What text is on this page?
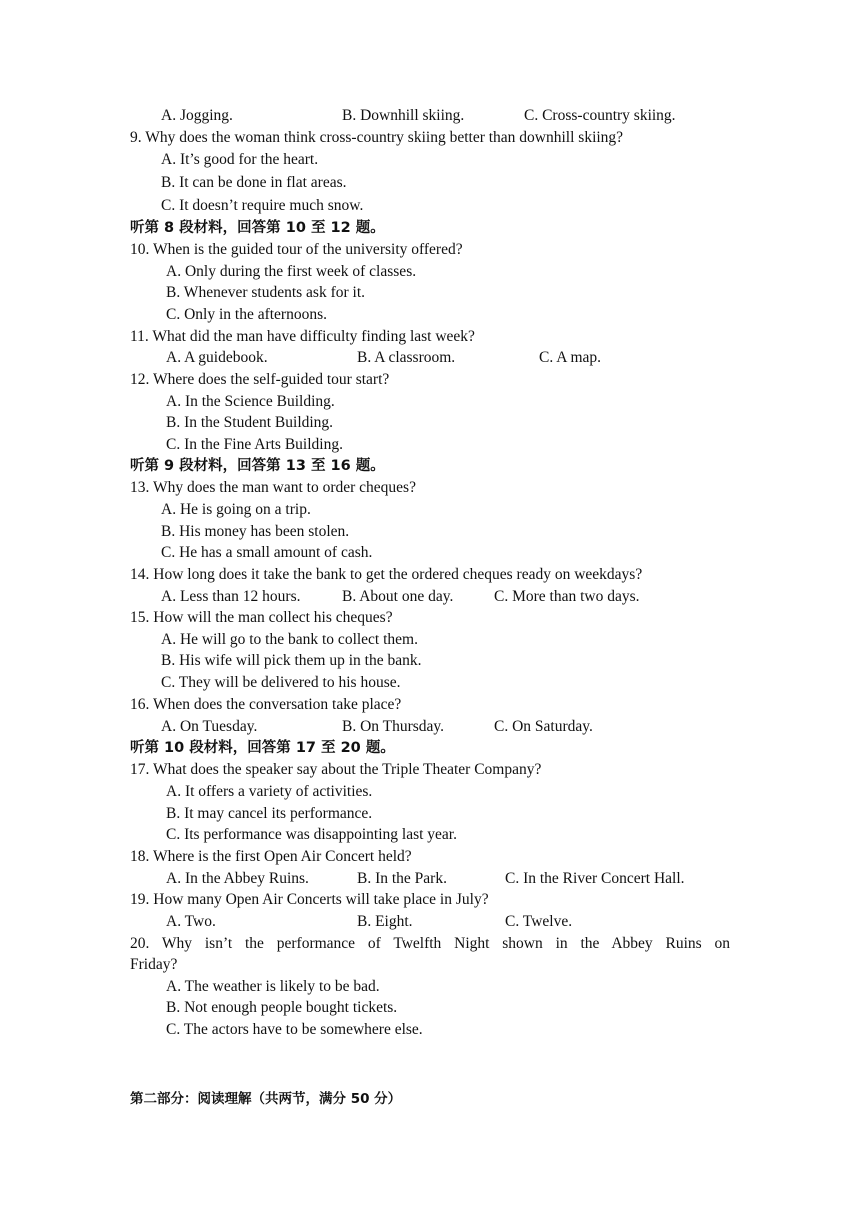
A. Jogging.	B. Downhill skiing.	C. Cross-country skiing.
9. Why does the woman think cross-country skiing better than downhill skiing?
A. It’s good for the heart.
B. It can be done in flat areas.
C. It doesn’t require much snow.
听第 8 段材料，回答第 10 至 12 题。
10. When is the guided tour of the university offered?
A. Only during the first week of classes.
B. Whenever students ask for it.
C. Only in the afternoons.
11. What did the man have difficulty finding last week?
A. A guidebook.	B. A classroom.	C. A map.
12. Where does the self-guided tour start?
A. In the Science Building.
B. In the Student Building.
C. In the Fine Arts Building.
听第 9 段材料，回答第 13 至 16 题。
13. Why does the man want to order cheques?
A. He is going on a trip.
B. His money has been stolen.
C. He has a small amount of cash.
14. How long does it take the bank to get the ordered cheques ready on weekdays?
A. Less than 12 hours.	B. About one day.	C. More than two days.
15. How will the man collect his cheques?
A. He will go to the bank to collect them.
B. His wife will pick them up in the bank.
C. They will be delivered to his house.
16. When does the conversation take place?
A. On Tuesday.	B. On Thursday.	C. On Saturday.
听第 10 段材料，回答第 17 至 20 题。
17. What does the speaker say about the Triple Theater Company?
A. It offers a variety of activities.
B. It may cancel its performance.
C. Its performance was disappointing last year.
18. Where is the first Open Air Concert held?
A. In the Abbey Ruins.	B. In the Park.	C. In the River Concert Hall.
19. How many Open Air Concerts will take place in July?
A. Two.	B. Eight.	C. Twelve.
20. Why isn’t the performance of Twelfth Night shown in the Abbey Ruins on
Friday?
A. The weather is likely to be bad.
B. Not enough people bought tickets.
C. The actors have to be somewhere else.
第二部分：阅读理解（共两节，满分 50 分）
